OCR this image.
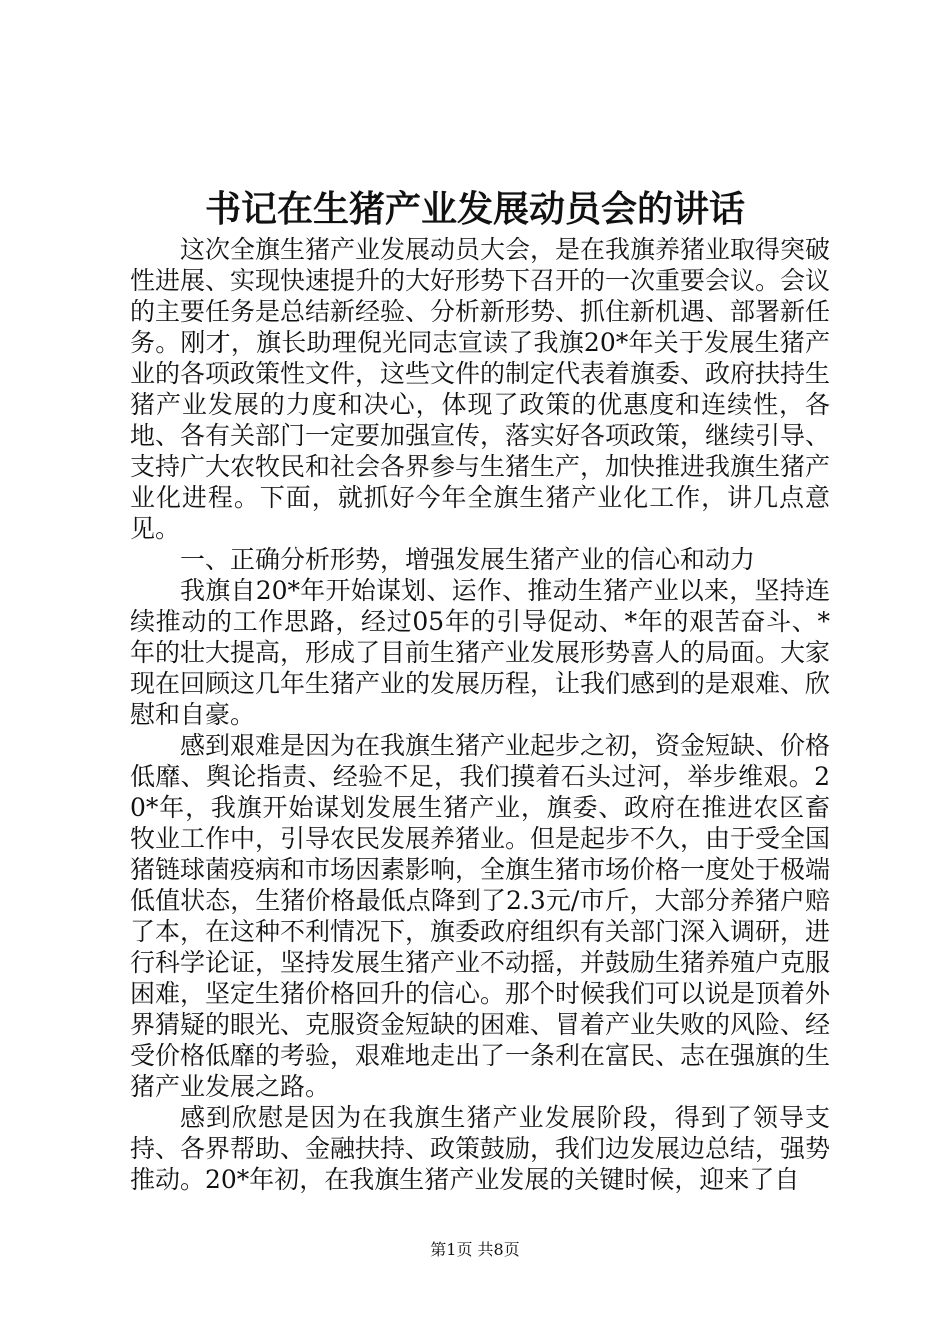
书记在生猪产业发展动员会的讲话

这次全旗生猪产业发展动员大会，是在我旗养猪业取得突破性进展、实现快速提升的大好形势下召开的一次重要会议。会议的主要任务是总结新经验、分析新形势、抓住新机遇、部署新任务。刚才，旗长助理倪光同志宣读了我旗20*年关于发展生猪产业的各项政策性文件，这些文件的制定代表着旗委、政府扶持生猪产业发展的力度和决心，体现了政策的优惠度和连续性，各地、各有关部门一定要加强宣传，落实好各项政策，继续引导、支持广大农牧民和社会各界参与生猪生产，加快推进我旗生猪产业化进程。下面，就抓好今年全旗生猪产业化工作，讲几点意见。

一、正确分析形势，增强发展生猪产业的信心和动力

我旗自20*年开始谋划、运作、推动生猪产业以来，坚持连续推动的工作思路，经过05年的引导促动、*年的艰苦奋斗、*年的壮大提高，形成了目前生猪产业发展形势喜人的局面。大家现在回顾这几年生猪产业的发展历程，让我们感到的是艰难、欣慰和自豪。

感到艰难是因为在我旗生猪产业起步之初，资金短缺、价格低靡、舆论指责、经验不足，我们摸着石头过河，举步维艰。20*年，我旗开始谋划发展生猪产业，旗委、政府在推进农区畜牧业工作中，引导农民发展养猪业。但是起步不久，由于受全国猪链球菌疫病和市场因素影响，全旗生猪市场价格一度处于极端低值状态，生猪价格最低点降到了2.3元/市斤，大部分养猪户赔了本，在这种不利情况下，旗委政府组织有关部门深入调研，进行科学论证，坚持发展生猪产业不动摇，并鼓励生猪养殖户克服困难，坚定生猪价格回升的信心。那个时候我们可以说是顶着外界猜疑的眼光、克服资金短缺的困难、冒着产业失败的风险、经受价格低靡的考验，艰难地走出了一条利在富民、志在强旗的生猪产业发展之路。

感到欣慰是因为在我旗生猪产业发展阶段，得到了领导支持、各界帮助、金融扶持、政策鼓励，我们边发展边总结，强势推动。20*年初，在我旗生猪产业发展的关键时候，迎来了自

第1页 共8页
